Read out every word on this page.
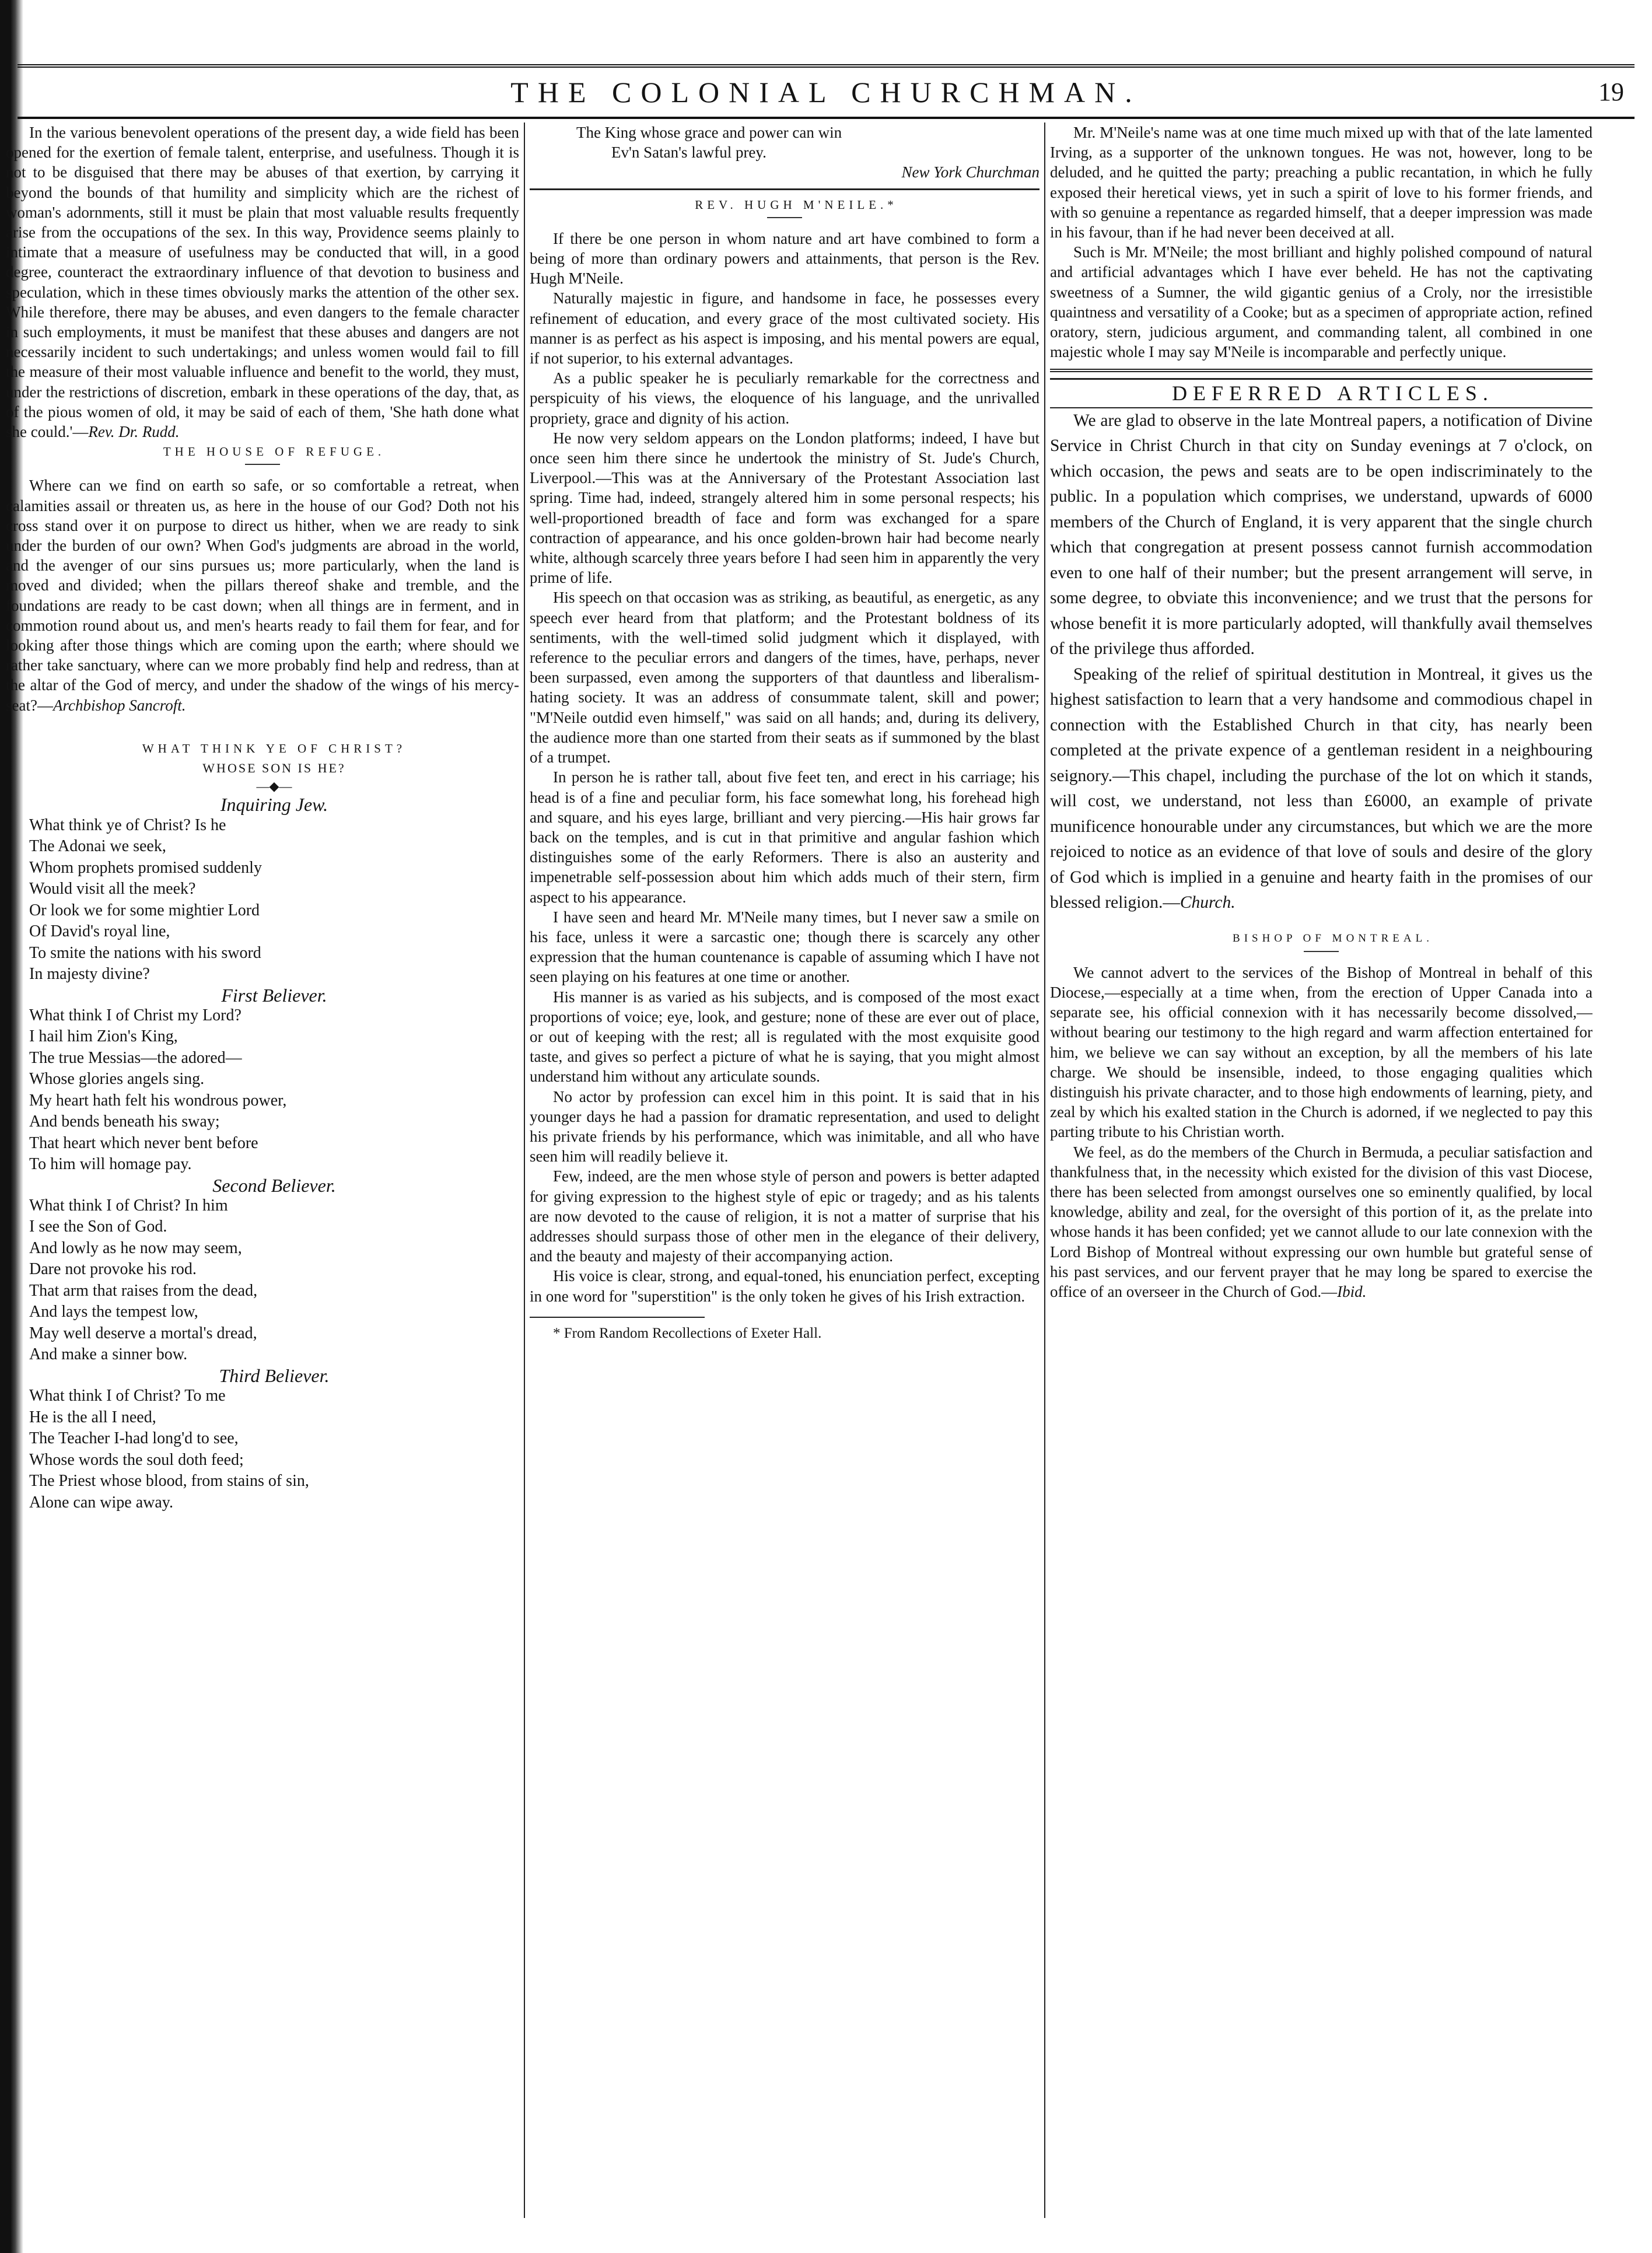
THE COLONIAL CHURCHMAN.	19

In the various benevolent operations of the present day, a wide field has been opened for the exertion of female talent, enterprise, and usefulness. Though it is not to be disguised that there may be abuses of that exertion, by carrying it beyond the bounds of that humility and simplicity which are the richest of woman's adornments, still it must be plain that most valuable results frequently arise from the occupations of the sex. In this way, Providence seems plainly to intimate that a measure of usefulness may be conducted that will, in a good degree, counteract the extraordinary influence of that devotion to business and speculation, which in these times obviously marks the attention of the other sex. While therefore, there may be abuses, and even dangers to the female character in such employments, it must be manifest that these abuses and dangers are not necessarily incident to such undertakings; and unless women would fail to fill the measure of their most valuable influence and benefit to the world, they must, under the restrictions of discretion, embark in these operations of the day, that, as of the pious women of old, it may be said of each of them, 'She hath done what she could.'—Rev. Dr. Rudd.

THE HOUSE OF REFUGE.

Where can we find on earth so safe, or so comfortable a retreat, when calamities assail or threaten us, as here in the house of our God? Doth not his cross stand over it on purpose to direct us hither, when we are ready to sink under the burden of our own? When God's judgments are abroad in the world, and the avenger of our sins pursues us; more particularly, when the land is moved and divided; when the pillars thereof shake and tremble, and the foundations are ready to be cast down; when all things are in ferment, and in commotion round about us, and men's hearts ready to fail them for fear, and for looking after those things which are coming upon the earth; where should we rather take sanctuary, where can we more probably find help and redress, than at the altar of the God of mercy, and under the shadow of the wings of his mercy-seat?—Archbishop Sancroft.

WHAT THINK YE OF CHRIST?

WHOSE SON IS HE?

—◆—

Inquiring Jew.

What think ye of Christ? Is he

The Adonai we seek,

Whom prophets promised suddenly

Would visit all the meek?

Or look we for some mightier Lord

Of David's royal line,

To smite the nations with his sword

In majesty divine?

First Believer.

What think I of Christ my Lord?

I hail him Zion's King,

The true Messias—the adored—

Whose glories angels sing.

My heart hath felt his wondrous power,

And bends beneath his sway;

That heart which never bent before

To him will homage pay.

Second Believer.

What think I of Christ? In him

I see the Son of God.

And lowly as he now may seem,

Dare not provoke his rod.

That arm that raises from the dead,

And lays the tempest low,

May well deserve a mortal's dread,

And make a sinner bow.

Third Believer.

What think I of Christ? To me

He is the all I need,

The Teacher I-had long'd to see,

Whose words the soul doth feed;

The Priest whose blood, from stains of sin,

Alone can wipe away.

The King whose grace and power can win

Ev'n Satan's lawful prey.

New York Churchman

REV. HUGH M'NEILE.*

If there be one person in whom nature and art have combined to form a being of more than ordinary powers and attainments, that person is the Rev. Hugh M'Neile.

Naturally majestic in figure, and handsome in face, he possesses every refinement of education, and every grace of the most cultivated society. His manner is as perfect as his aspect is imposing, and his mental powers are equal, if not superior, to his external advantages.

As a public speaker he is peculiarly remarkable for the correctness and perspicuity of his views, the eloquence of his language, and the unrivalled propriety, grace and dignity of his action.

He now very seldom appears on the London platforms; indeed, I have but once seen him there since he undertook the ministry of St. Jude's Church, Liverpool.—This was at the Anniversary of the Protestant Association last spring. Time had, indeed, strangely altered him in some personal respects; his well-proportioned breadth of face and form was exchanged for a spare contraction of appearance, and his once golden-brown hair had become nearly white, although scarcely three years before I had seen him in apparently the very prime of life.

His speech on that occasion was as striking, as beautiful, as energetic, as any speech ever heard from that platform; and the Protestant boldness of its sentiments, with the well-timed solid judgment which it displayed, with reference to the peculiar errors and dangers of the times, have, perhaps, never been surpassed, even among the supporters of that dauntless and liberalism-hating society. It was an address of consummate talent, skill and power; "M'Neile outdid even himself," was said on all hands; and, during its delivery, the audience more than one started from their seats as if summoned by the blast of a trumpet.

In person he is rather tall, about five feet ten, and erect in his carriage; his head is of a fine and peculiar form, his face somewhat long, his forehead high and square, and his eyes large, brilliant and very piercing.—His hair grows far back on the temples, and is cut in that primitive and angular fashion which distinguishes some of the early Reformers. There is also an austerity and impenetrable self-possession about him which adds much of their stern, firm aspect to his appearance.

I have seen and heard Mr. M'Neile many times, but I never saw a smile on his face, unless it were a sarcastic one; though there is scarcely any other expression that the human countenance is capable of assuming which I have not seen playing on his features at one time or another.

His manner is as varied as his subjects, and is composed of the most exact proportions of voice; eye, look, and gesture; none of these are ever out of place, or out of keeping with the rest; all is regulated with the most exquisite good taste, and gives so perfect a picture of what he is saying, that you might almost understand him without any articulate sounds.

No actor by profession can excel him in this point. It is said that in his younger days he had a passion for dramatic representation, and used to delight his private friends by his performance, which was inimitable, and all who have seen him will readily believe it.

Few, indeed, are the men whose style of person and powers is better adapted for giving expression to the highest style of epic or tragedy; and as his talents are now devoted to the cause of religion, it is not a matter of surprise that his addresses should surpass those of other men in the elegance of their delivery, and the beauty and majesty of their accompanying action.

His voice is clear, strong, and equal-toned, his enunciation perfect, excepting in one word for "superstition" is the only token he gives of his Irish extraction.

* From Random Recollections of Exeter Hall.

Mr. M'Neile's name was at one time much mixed up with that of the late lamented Irving, as a supporter of the unknown tongues. He was not, however, long to be deluded, and he quitted the party; preaching a public recantation, in which he fully exposed their heretical views, yet in such a spirit of love to his former friends, and with so genuine a repentance as regarded himself, that a deeper impression was made in his favour, than if he had never been deceived at all.

Such is Mr. M'Neile; the most brilliant and highly polished compound of natural and artificial advantages which I have ever beheld. He has not the captivating sweetness of a Sumner, the wild gigantic genius of a Croly, nor the irresistible quaintness and versatility of a Cooke; but as a specimen of appropriate action, refined oratory, stern, judicious argument, and commanding talent, all combined in one majestic whole I may say M'Neile is incomparable and perfectly unique.

DEFERRED ARTICLES.

We are glad to observe in the late Montreal papers, a notification of Divine Service in Christ Church in that city on Sunday evenings at 7 o'clock, on which occasion, the pews and seats are to be open indiscriminately to the public. In a population which comprises, we understand, upwards of 6000 members of the Church of England, it is very apparent that the single church which that congregation at present possess cannot furnish accommodation even to one half of their number; but the present arrangement will serve, in some degree, to obviate this inconvenience; and we trust that the persons for whose benefit it is more particularly adopted, will thankfully avail themselves of the privilege thus afforded.

Speaking of the relief of spiritual destitution in Montreal, it gives us the highest satisfaction to learn that a very handsome and commodious chapel in connection with the Established Church in that city, has nearly been completed at the private expence of a gentleman resident in a neighbouring seignory.—This chapel, including the purchase of the lot on which it stands, will cost, we understand, not less than £6000, an example of private munificence honourable under any circumstances, but which we are the more rejoiced to notice as an evidence of that love of souls and desire of the glory of God which is implied in a genuine and hearty faith in the promises of our blessed religion.—Church.

BISHOP OF MONTREAL.

We cannot advert to the services of the Bishop of Montreal in behalf of this Diocese,—especially at a time when, from the erection of Upper Canada into a separate see, his official connexion with it has necessarily become dissolved,—without bearing our testimony to the high regard and warm affection entertained for him, we believe we can say without an exception, by all the members of his late charge. We should be insensible, indeed, to those engaging qualities which distinguish his private character, and to those high endowments of learning, piety, and zeal by which his exalted station in the Church is adorned, if we neglected to pay this parting tribute to his Christian worth.

We feel, as do the members of the Church in Bermuda, a peculiar satisfaction and thankfulness that, in the necessity which existed for the division of this vast Diocese, there has been selected from amongst ourselves one so eminently qualified, by local knowledge, ability and zeal, for the oversight of this portion of it, as the prelate into whose hands it has been confided; yet we cannot allude to our late connexion with the Lord Bishop of Montreal without expressing our own humble but grateful sense of his past services, and our fervent prayer that he may long be spared to exercise the office of an overseer in the Church of God.—Ibid.
